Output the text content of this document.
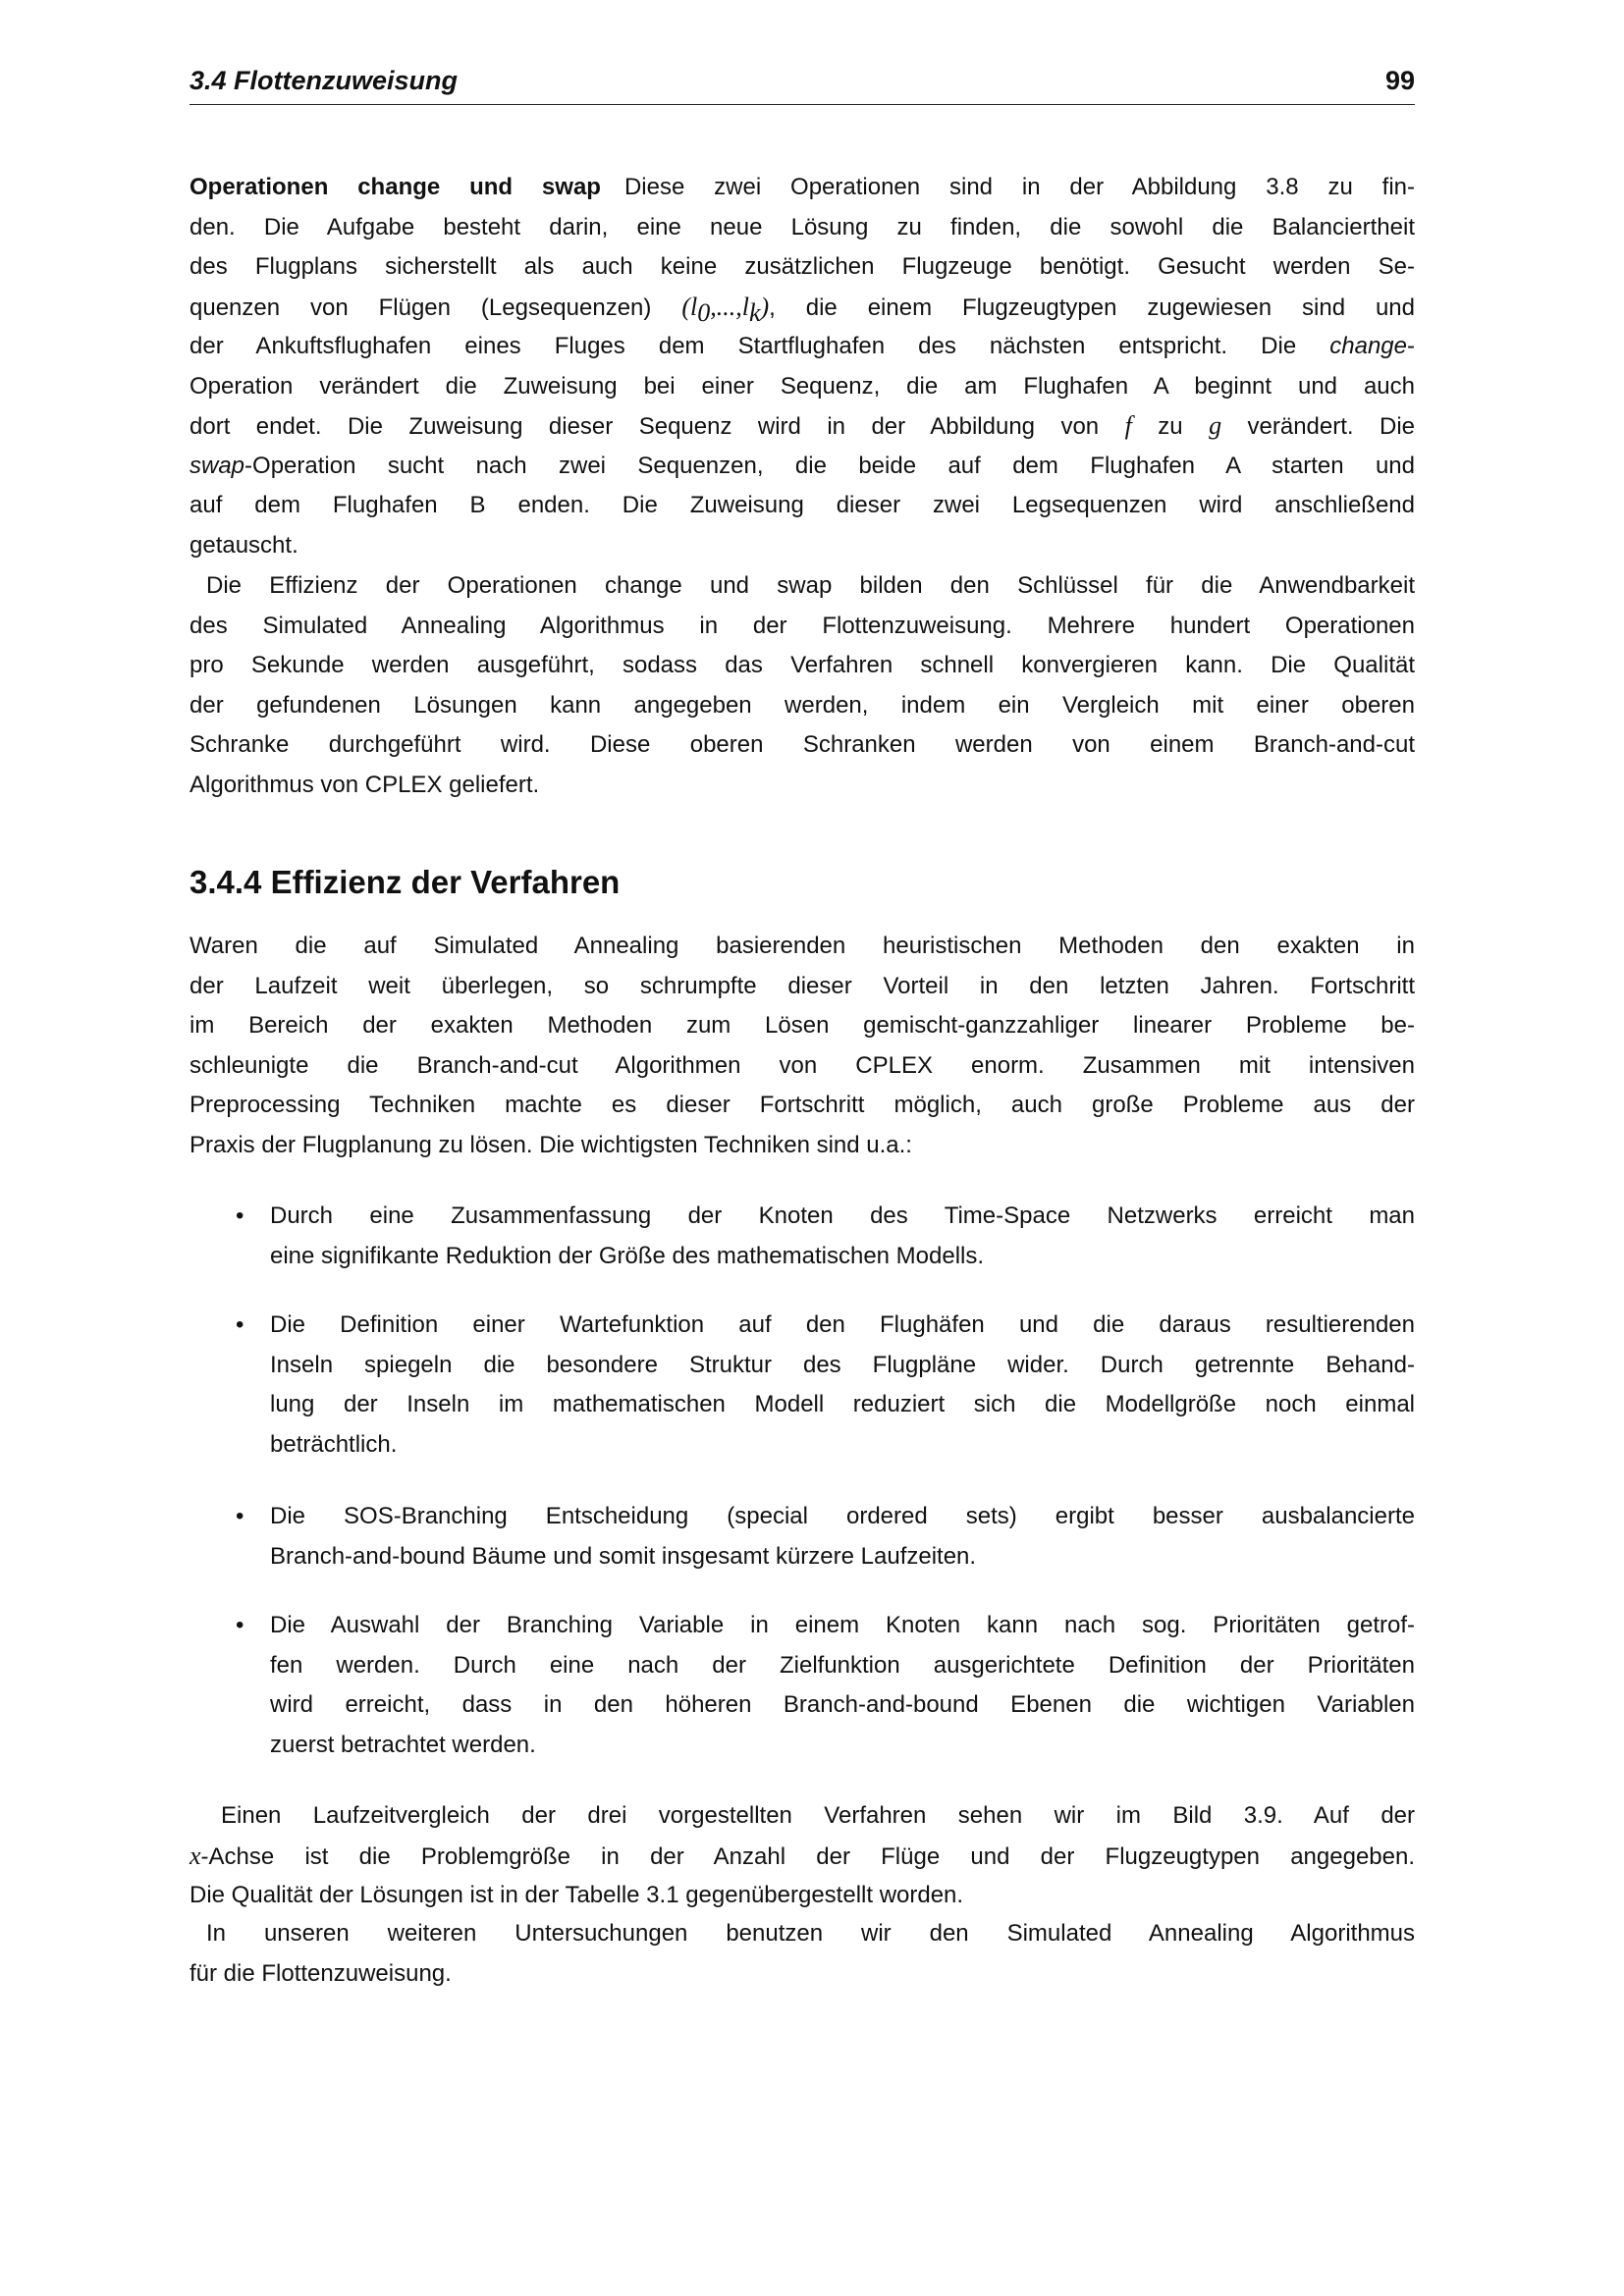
3.4 Flottenzuweisung	99
3.4.4 Effizienz der Verfahren
Operationen change und swap Diese zwei Operationen sind in der Abbildung 3.8 zu fin-
den. Die Aufgabe besteht darin, eine neue Lösung zu finden, die sowohl die Balanciertheit
des Flugplans sicherstellt als auch keine zusätzlichen Flugzeuge benötigt. Gesucht werden Se-
quenzen von Flügen (Legsequenzen) $(l_0,...,l_k)$, die einem Flugzeugtypen zugewiesen sind und
der Ankuftsflughafen eines Fluges dem Startflughafen des nächsten entspricht. Die change-
Operation verändert die Zuweisung bei einer Sequenz, die am Flughafen A beginnt und auch
dort endet. Die Zuweisung dieser Sequenz wird in der Abbildung von f zu g verändert. Die
swap-Operation sucht nach zwei Sequenzen, die beide auf dem Flughafen A starten und
auf dem Flughafen B enden. Die Zuweisung dieser zwei Legsequenzen wird anschließend
getauscht.
Die Effizienz der Operationen change und swap bilden den Schlüssel für die Anwendbarkeit
des Simulated Annealing Algorithmus in der Flottenzuweisung. Mehrere hundert Operationen
pro Sekunde werden ausgeführt, sodass das Verfahren schnell konvergieren kann. Die Qualität
der gefundenen Lösungen kann angegeben werden, indem ein Vergleich mit einer oberen
Schranke durchgeführt wird. Diese oberen Schranken werden von einem Branch-and-cut
Algorithmus von CPLEX geliefert.
Waren die auf Simulated Annealing basierenden heuristischen Methoden den exakten in
der Laufzeit weit überlegen, so schrumpfte dieser Vorteil in den letzten Jahren. Fortschritt
im Bereich der exakten Methoden zum Lösen gemischt-ganzzahliger linearer Probleme be-
schleunigte die Branch-and-cut Algorithmen von CPLEX enorm. Zusammen mit intensiven
Preprocessing Techniken machte es dieser Fortschritt möglich, auch große Probleme aus der
Praxis der Flugplanung zu lösen. Die wichtigsten Techniken sind u.a.:
• Durch eine Zusammenfassung der Knoten des Time-Space Netzwerks erreicht man
eine signifikante Reduktion der Größe des mathematischen Modells.
• Die Definition einer Wartefunktion auf den Flughäfen und die daraus resultierenden
Inseln spiegeln die besondere Struktur des Flugpläne wider. Durch getrennte Behand-
lung der Inseln im mathematischen Modell reduziert sich die Modellgröße noch einmal
beträchtlich.
• Die SOS-Branching Entscheidung (special ordered sets) ergibt besser ausbalancierte
Branch-and-bound Bäume und somit insgesamt kürzere Laufzeiten.
• Die Auswahl der Branching Variable in einem Knoten kann nach sog. Prioritäten getrof-
fen werden. Durch eine nach der Zielfunktion ausgerichtete Definition der Prioritäten
wird erreicht, dass in den höheren Branch-and-bound Ebenen die wichtigen Variablen
zuerst betrachtet werden.
Einen Laufzeitvergleich der drei vorgestellten Verfahren sehen wir im Bild 3.9. Auf der
x-Achse ist die Problemgröße in der Anzahl der Flüge und der Flugzeugtypen angegeben.
Die Qualität der Lösungen ist in der Tabelle 3.1 gegenübergestellt worden.
In unseren weiteren Untersuchungen benutzen wir den Simulated Annealing Algorithmus
für die Flottenzuweisung.
